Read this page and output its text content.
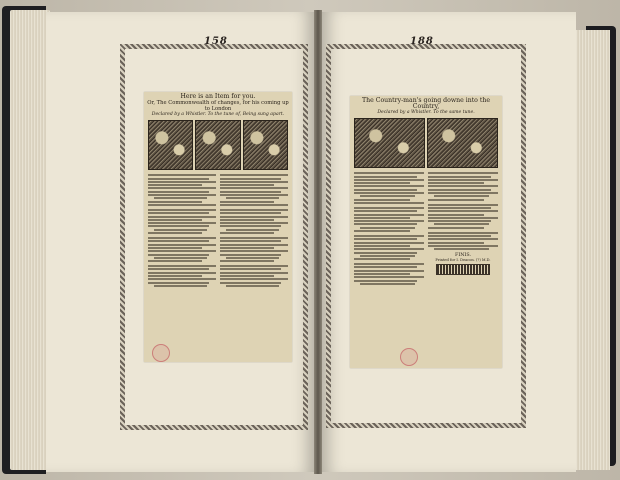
158
Here is an Item for you.
Or, The Commonwealth of changes, for his coming up to London
Declared by a Whistler. To the tune of, Being sung apart.
188
The Country-man's going downe into the Country,
Declared by a Whistler. To the same tune.
FINIS.
Printed for I. Deacon. (?) M.D.
